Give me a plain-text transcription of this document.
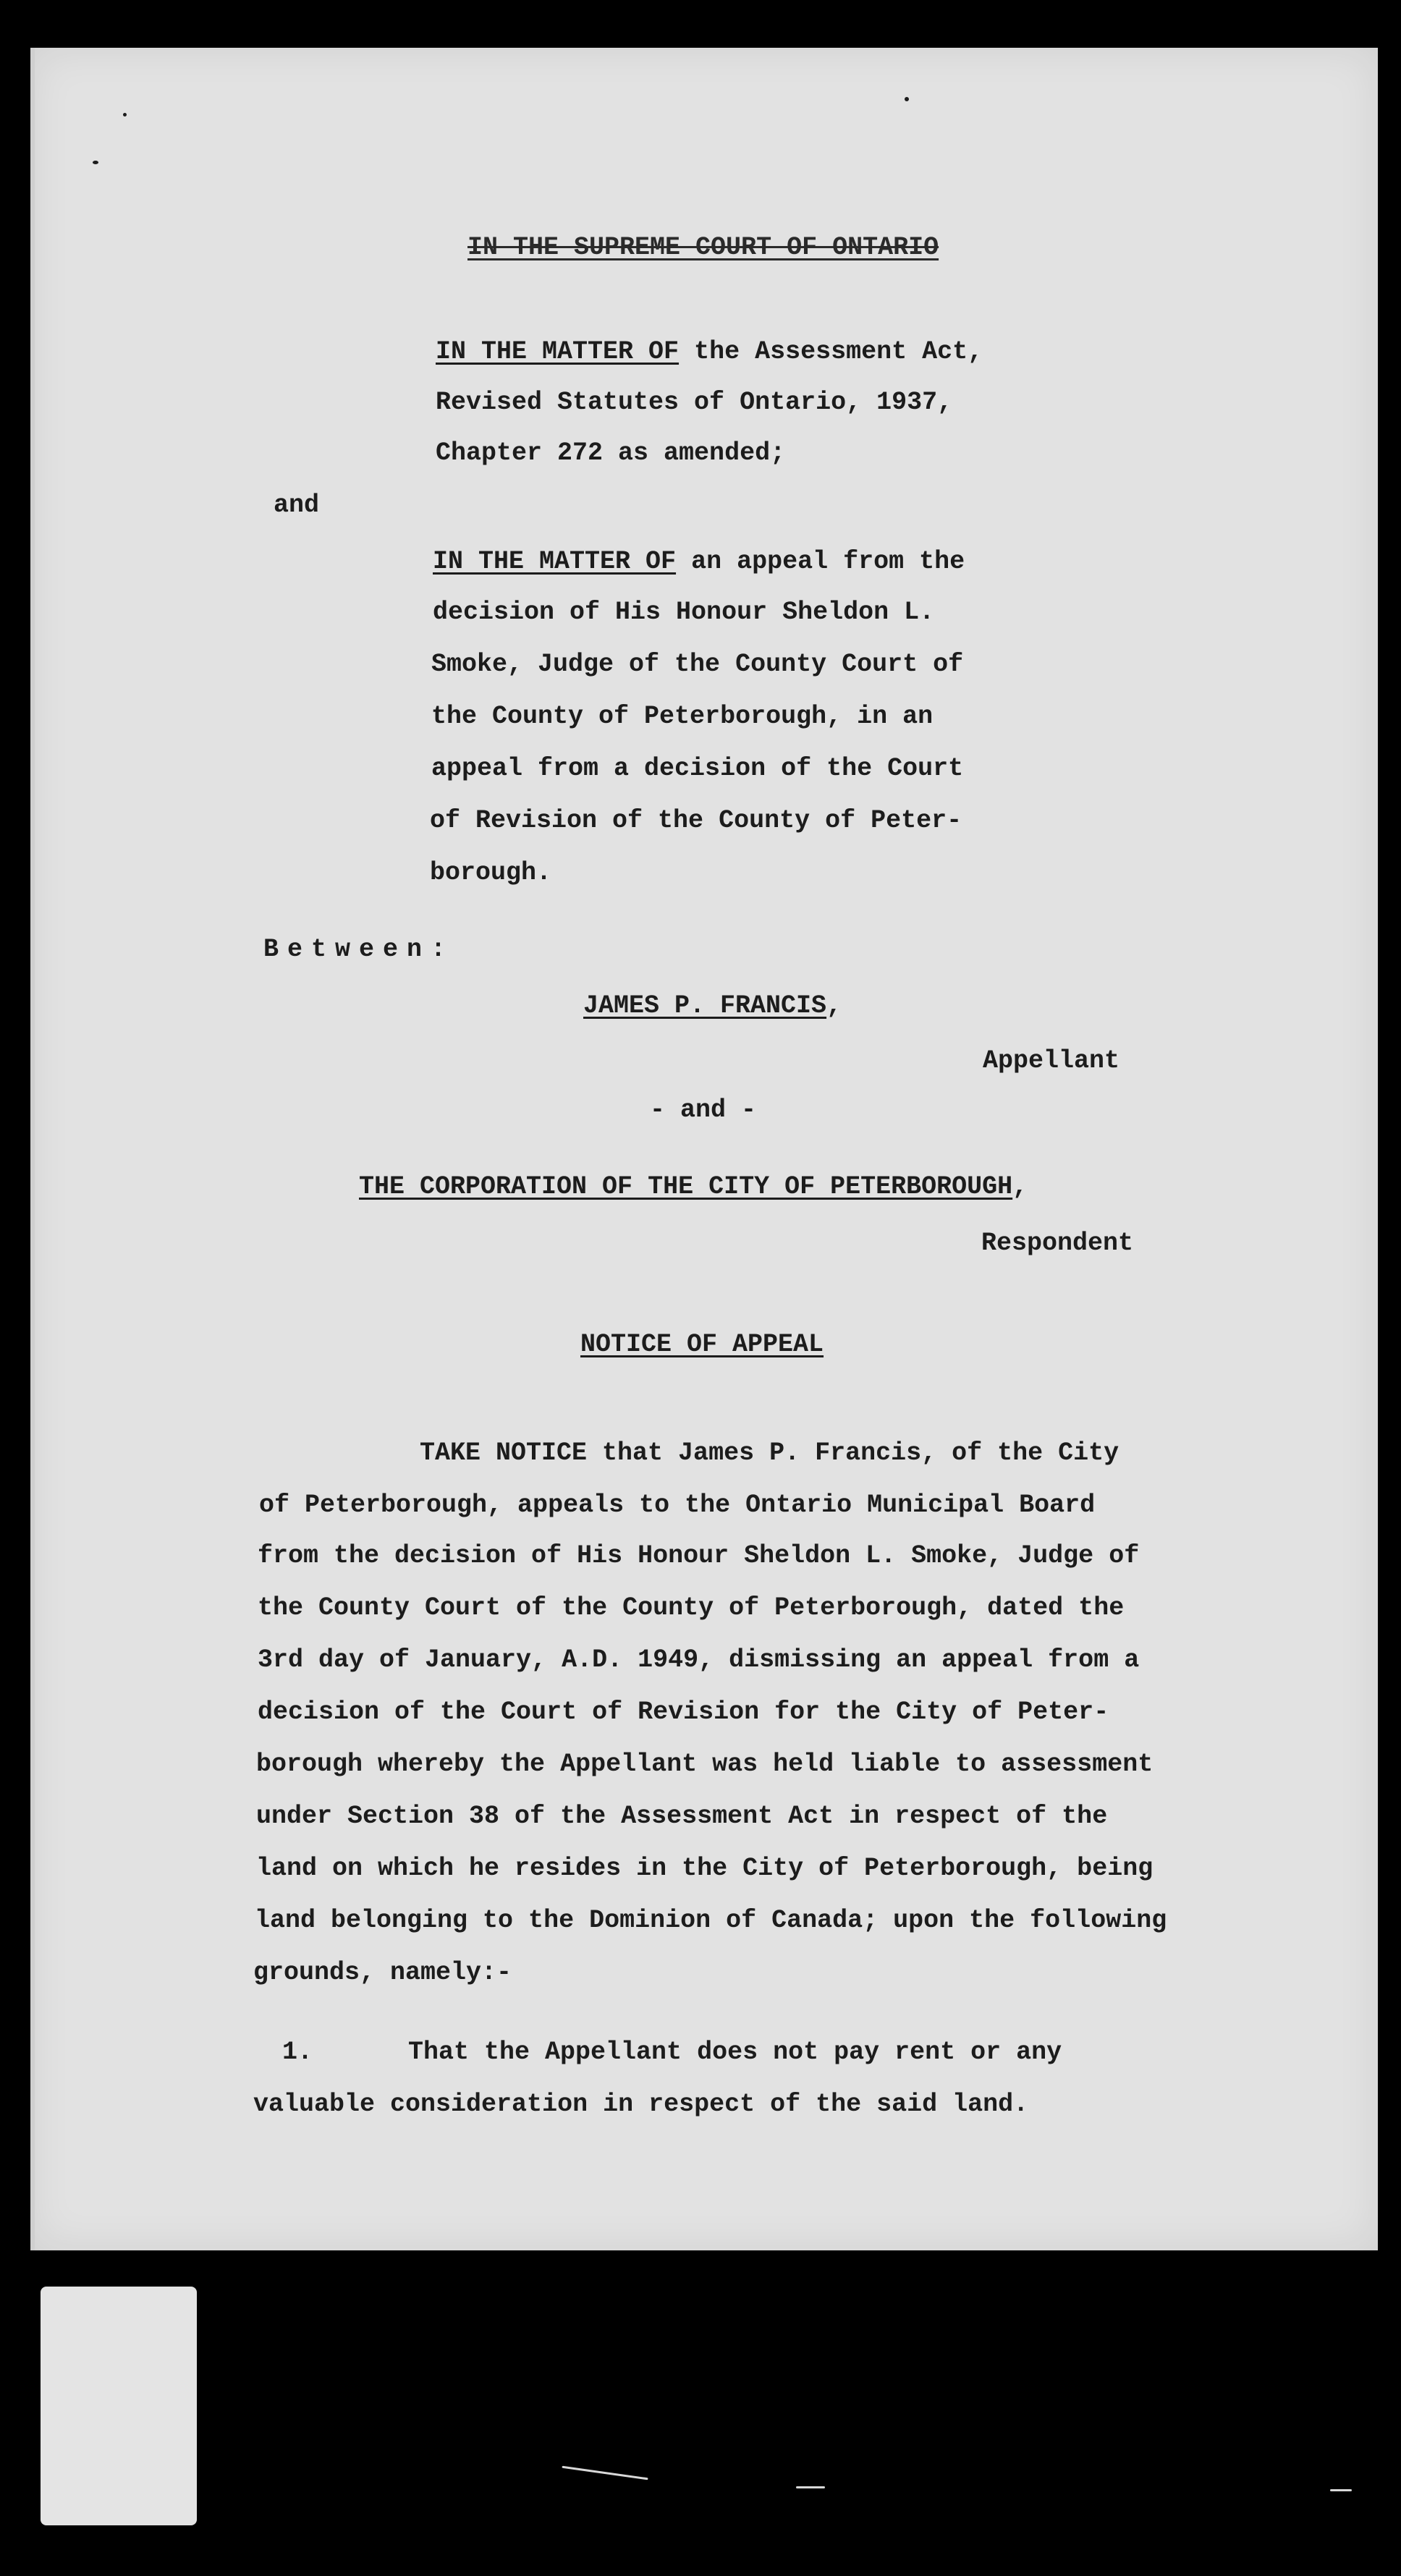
IN THE SUPREME COURT OF ONTARIO

IN THE MATTER OF the Assessment Act,

Revised Statutes of Ontario, 1937,

Chapter 272 as amended;

and

IN THE MATTER OF an appeal from the

decision of His Honour Sheldon L.

Smoke, Judge of the County Court of

the County of Peterborough, in an

appeal from a decision of the Court

of Revision of the County of Peter-

borough.

Between:

JAMES P. FRANCIS,

Appellant

- and -

THE CORPORATION OF THE CITY OF PETERBOROUGH,

Respondent

NOTICE OF APPEAL

TAKE NOTICE that James P. Francis, of the City

of Peterborough, appeals to the Ontario Municipal Board

from the decision of His Honour Sheldon L. Smoke, Judge of

the County Court of the County of Peterborough, dated the

3rd day of January, A.D. 1949, dismissing an appeal from a

decision of the Court of Revision for the City of Peter-

borough whereby the Appellant was held liable to assessment

under Section 38 of the Assessment Act in respect of the

land on which he resides in the City of Peterborough, being

land belonging to the Dominion of Canada; upon the following

grounds, namely:-

1.	That the Appellant does not pay rent or any

valuable consideration in respect of the said land.
